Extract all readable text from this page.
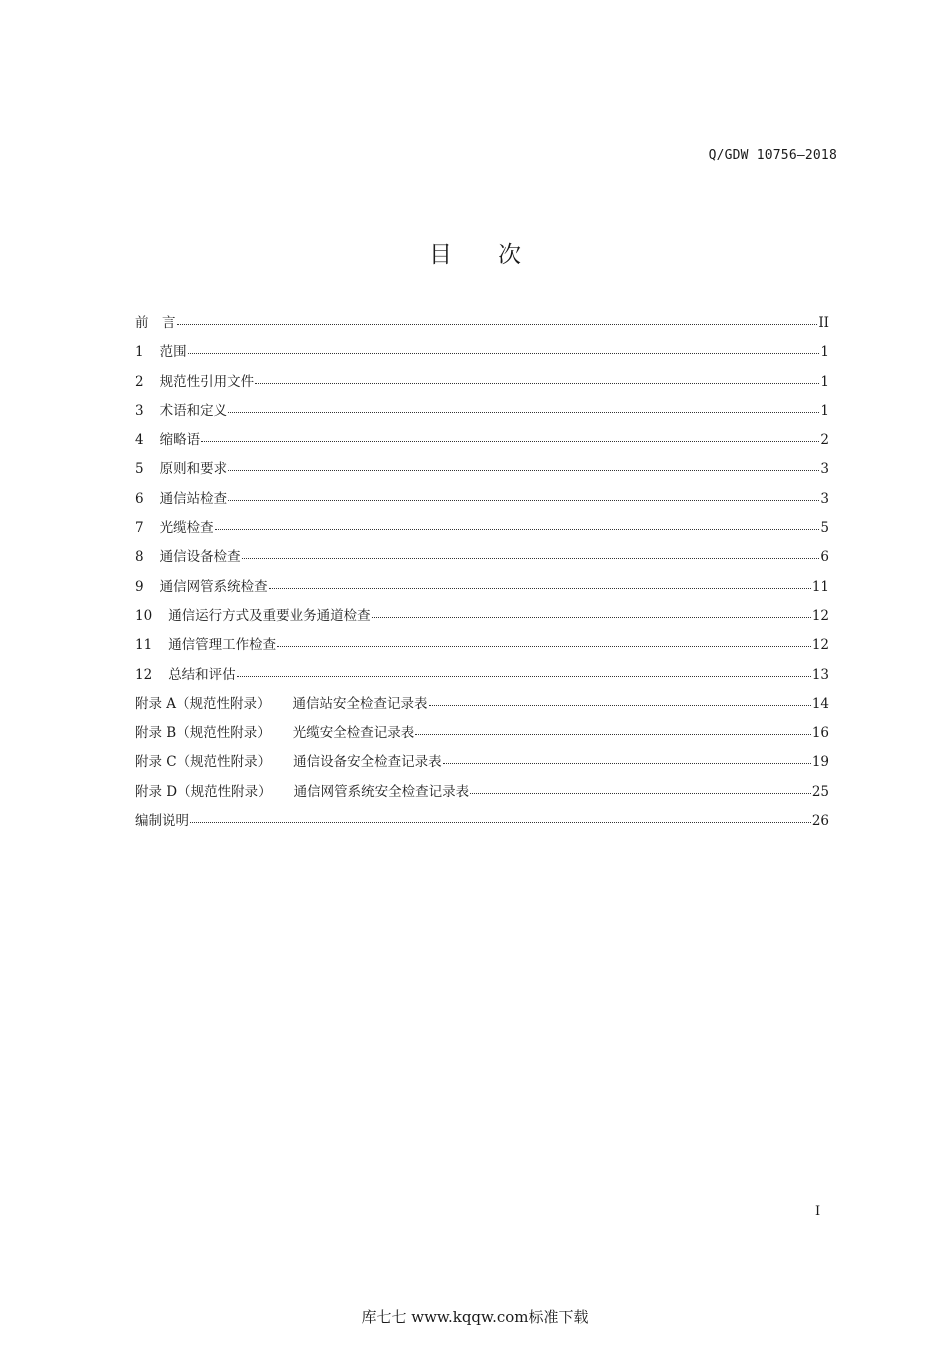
Q/GDW 10756—2018
目次
前　言	II
1 范围	1
2 规范性引用文件	1
3 术语和定义	1
4 缩略语	2
5 原则和要求	3
6 通信站检查	3
7 光缆检查	5
8 通信设备检查	6
9 通信网管系统检查	11
10 通信运行方式及重要业务通道检查	12
11 通信管理工作检查	12
12 总结和评估	13
附录 A（规范性附录） 通信站安全检查记录表	14
附录 B（规范性附录） 光缆安全检查记录表	16
附录 C（规范性附录） 通信设备安全检查记录表	19
附录 D（规范性附录） 通信网管系统安全检查记录表	25
编制说明	26
I
库七七 www.kqqw.com标准下载
